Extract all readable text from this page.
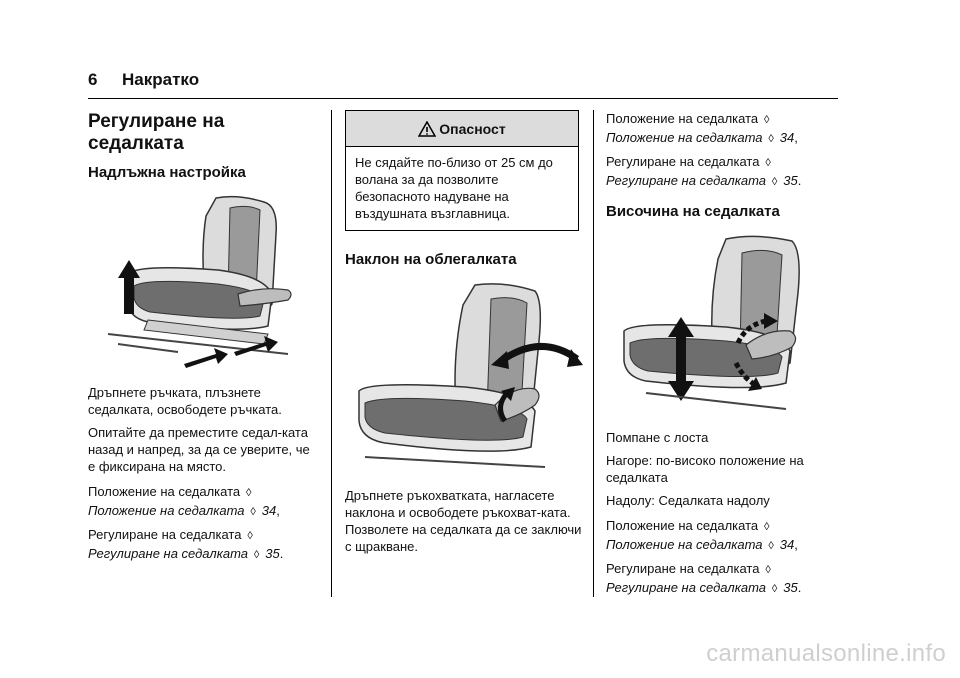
6 Накратко
Регулиране на седалката
Надлъжна настройка

Дръпнете ръчката, плъзнете седалката, освободете ръчката.

Опитайте да преместите седал-ката назад и напред, за да се уверите, че е фиксирана на място.

Положение на седалката ◊
Положение на седалката ◊ 34,

Регулиране на седалката ◊
Регулиране на седалката ◊ 35.

Опасност

Не сядайте по-близо от 25 см до волана за да позволите безопасното надуване на въздушната възглавница.

Наклон на облегалката

Дръпнете ръкохватката, нагласете наклона и освободете ръкохват-ката. Позволете на седалката да се заключи с щракване.

Положение на седалката ◊
Положение на седалката ◊ 34,

Регулиране на седалката ◊
Регулиране на седалката ◊ 35.

Височина на седалката

Помпане с лоста

Нагоре: по-високо положение на седалката

Надолу: Седалката надолу

Положение на седалката ◊
Положение на седалката ◊ 34,

Регулиране на седалката ◊
Регулиране на седалката ◊ 35.

carmanualsonline.info
